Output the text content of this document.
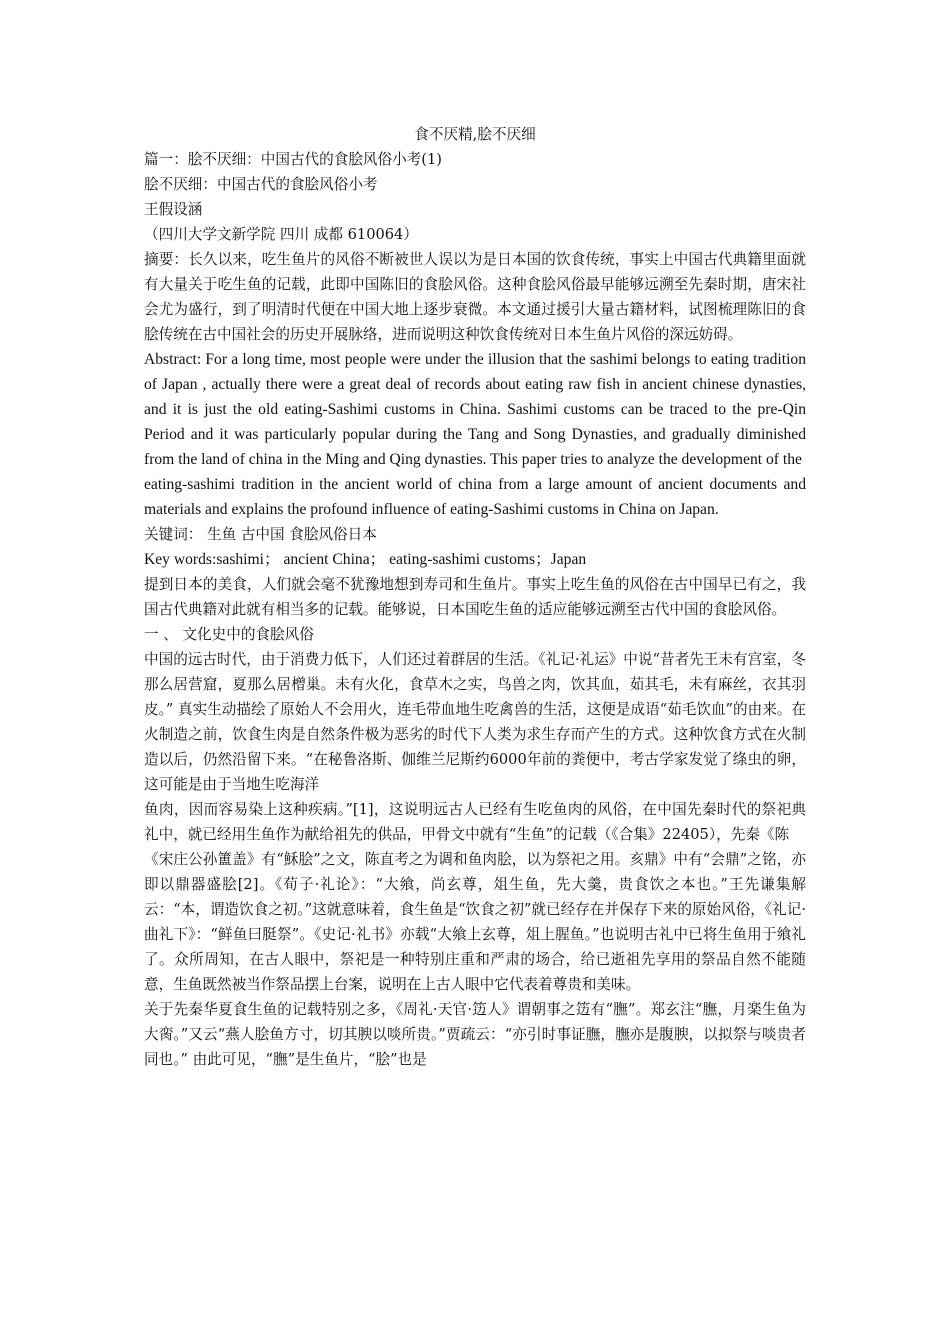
食不厌精,脍不厌细

篇一：脍不厌细：中国古代的食脍风俗小考(1)

脍不厌细：中国古代的食脍风俗小考

王假设涵

（四川大学文新学院 四川 成都 610064）

摘要：长久以来，吃生鱼片的风俗不断被世人误以为是日本国的饮食传统，事实上中国古代典籍里面就有大量关于吃生鱼的记载，此即中国陈旧的食脍风俗。这种食脍风俗最早能够远溯至先秦时期，唐宋社会尤为盛行，到了明清时代便在中国大地上逐步衰微。本文通过援引大量古籍材料，试图梳理陈旧的食脍传统在古中国社会的历史开展脉络，进而说明这种饮食传统对日本生鱼片风俗的深远妨碍。

Abstract: For a long time, most people were under the illusion that the sashimi belongs to eating tradition of Japan , actually there were a great deal of records about eating raw fish in ancient chinese dynasties, and it is just the old eating-Sashimi customs in China. Sashimi customs can be traced to the pre-Qin Period and it was particularly popular during the Tang and Song Dynasties, and gradually diminished from the land of china in the Ming and Qing dynasties. This paper tries to analyze the development of the

eating-sashimi tradition in the ancient world of china from a large amount of ancient documents and materials and explains the profound influence of eating-Sashimi customs in China on Japan.

关键词： 生鱼 古中国 食脍风俗日本

Key words:sashimi； ancient China； eating-sashimi customs；Japan

提到日本的美食，人们就会毫不犹豫地想到寿司和生鱼片。事实上吃生鱼的风俗在古中国早已有之，我国古代典籍对此就有相当多的记载。能够说，日本国吃生鱼的适应能够远溯至古代中国的食脍风俗。

一 、 文化史中的食脍风俗

中国的远古时代，由于消费力低下，人们还过着群居的生活。《礼记·礼运》中说“昔者先王未有宫室，冬那么居营窟，夏那么居橧巢。未有火化，食草木之实，鸟兽之肉，饮其血，茹其毛，未有麻丝，衣其羽皮。” 真实生动描绘了原始人不会用火，连毛带血地生吃禽兽的生活，这便是成语“茹毛饮血”的由来。在火制造之前，饮食生肉是自然条件极为恶劣的时代下人类为求生存而产生的方式。这种饮食方式在火制造以后，仍然沿留下来。“在秘鲁洛斯、伽维兰尼斯约6000年前的粪便中，考古学家发觉了绦虫的卵，这可能是由于当地生吃海洋

鱼肉，因而容易染上这种疾病。”[1]，这说明远古人已经有生吃鱼肉的风俗，在中国先秦时代的祭祀典礼中，就已经用生鱼作为献给祖先的供品，甲骨文中就有“生鱼”的记载（《合集》22405），先秦《陈

《宋庄公孙簠盖》有“穌脍”之文，陈直考之为调和鱼肉脍，以为祭祀之用。亥鼎》中有“会鼎”之铭，亦即以鼎器盛脍[2]。《荀子·礼论》：“大飨，尚玄尊，俎生鱼，先大羹，贵食饮之本也。”王先谦集解云：“本，谓造饮食之初。”这就意味着，食生鱼是“饮食之初”就已经存在并保存下来的原始风俗，《礼记·曲礼下》：“鲜鱼曰脡祭”。《史记·礼书》亦载“大飨上玄尊，俎上腥鱼。”也说明古礼中已将生鱼用于飨礼了。众所周知，在古人眼中，祭祀是一种特别庄重和严肃的场合，给已逝祖先享用的祭品自然不能随意，生鱼既然被当作祭品摆上台案，说明在上古人眼中它代表着尊贵和美味。

关于先秦华夏食生鱼的记载特别之多，《周礼·天官·笾人》谓朝事之笾有“膴”。郑玄注“膴，月楽生鱼为大脔。”又云“燕人脍鱼方寸，切其腴以啖所贵。”贾疏云：“亦引时事证膴，膴亦是腹腴，以拟祭与啖贵者同也。” 由此可见，“膴”是生鱼片，“脍”也是
